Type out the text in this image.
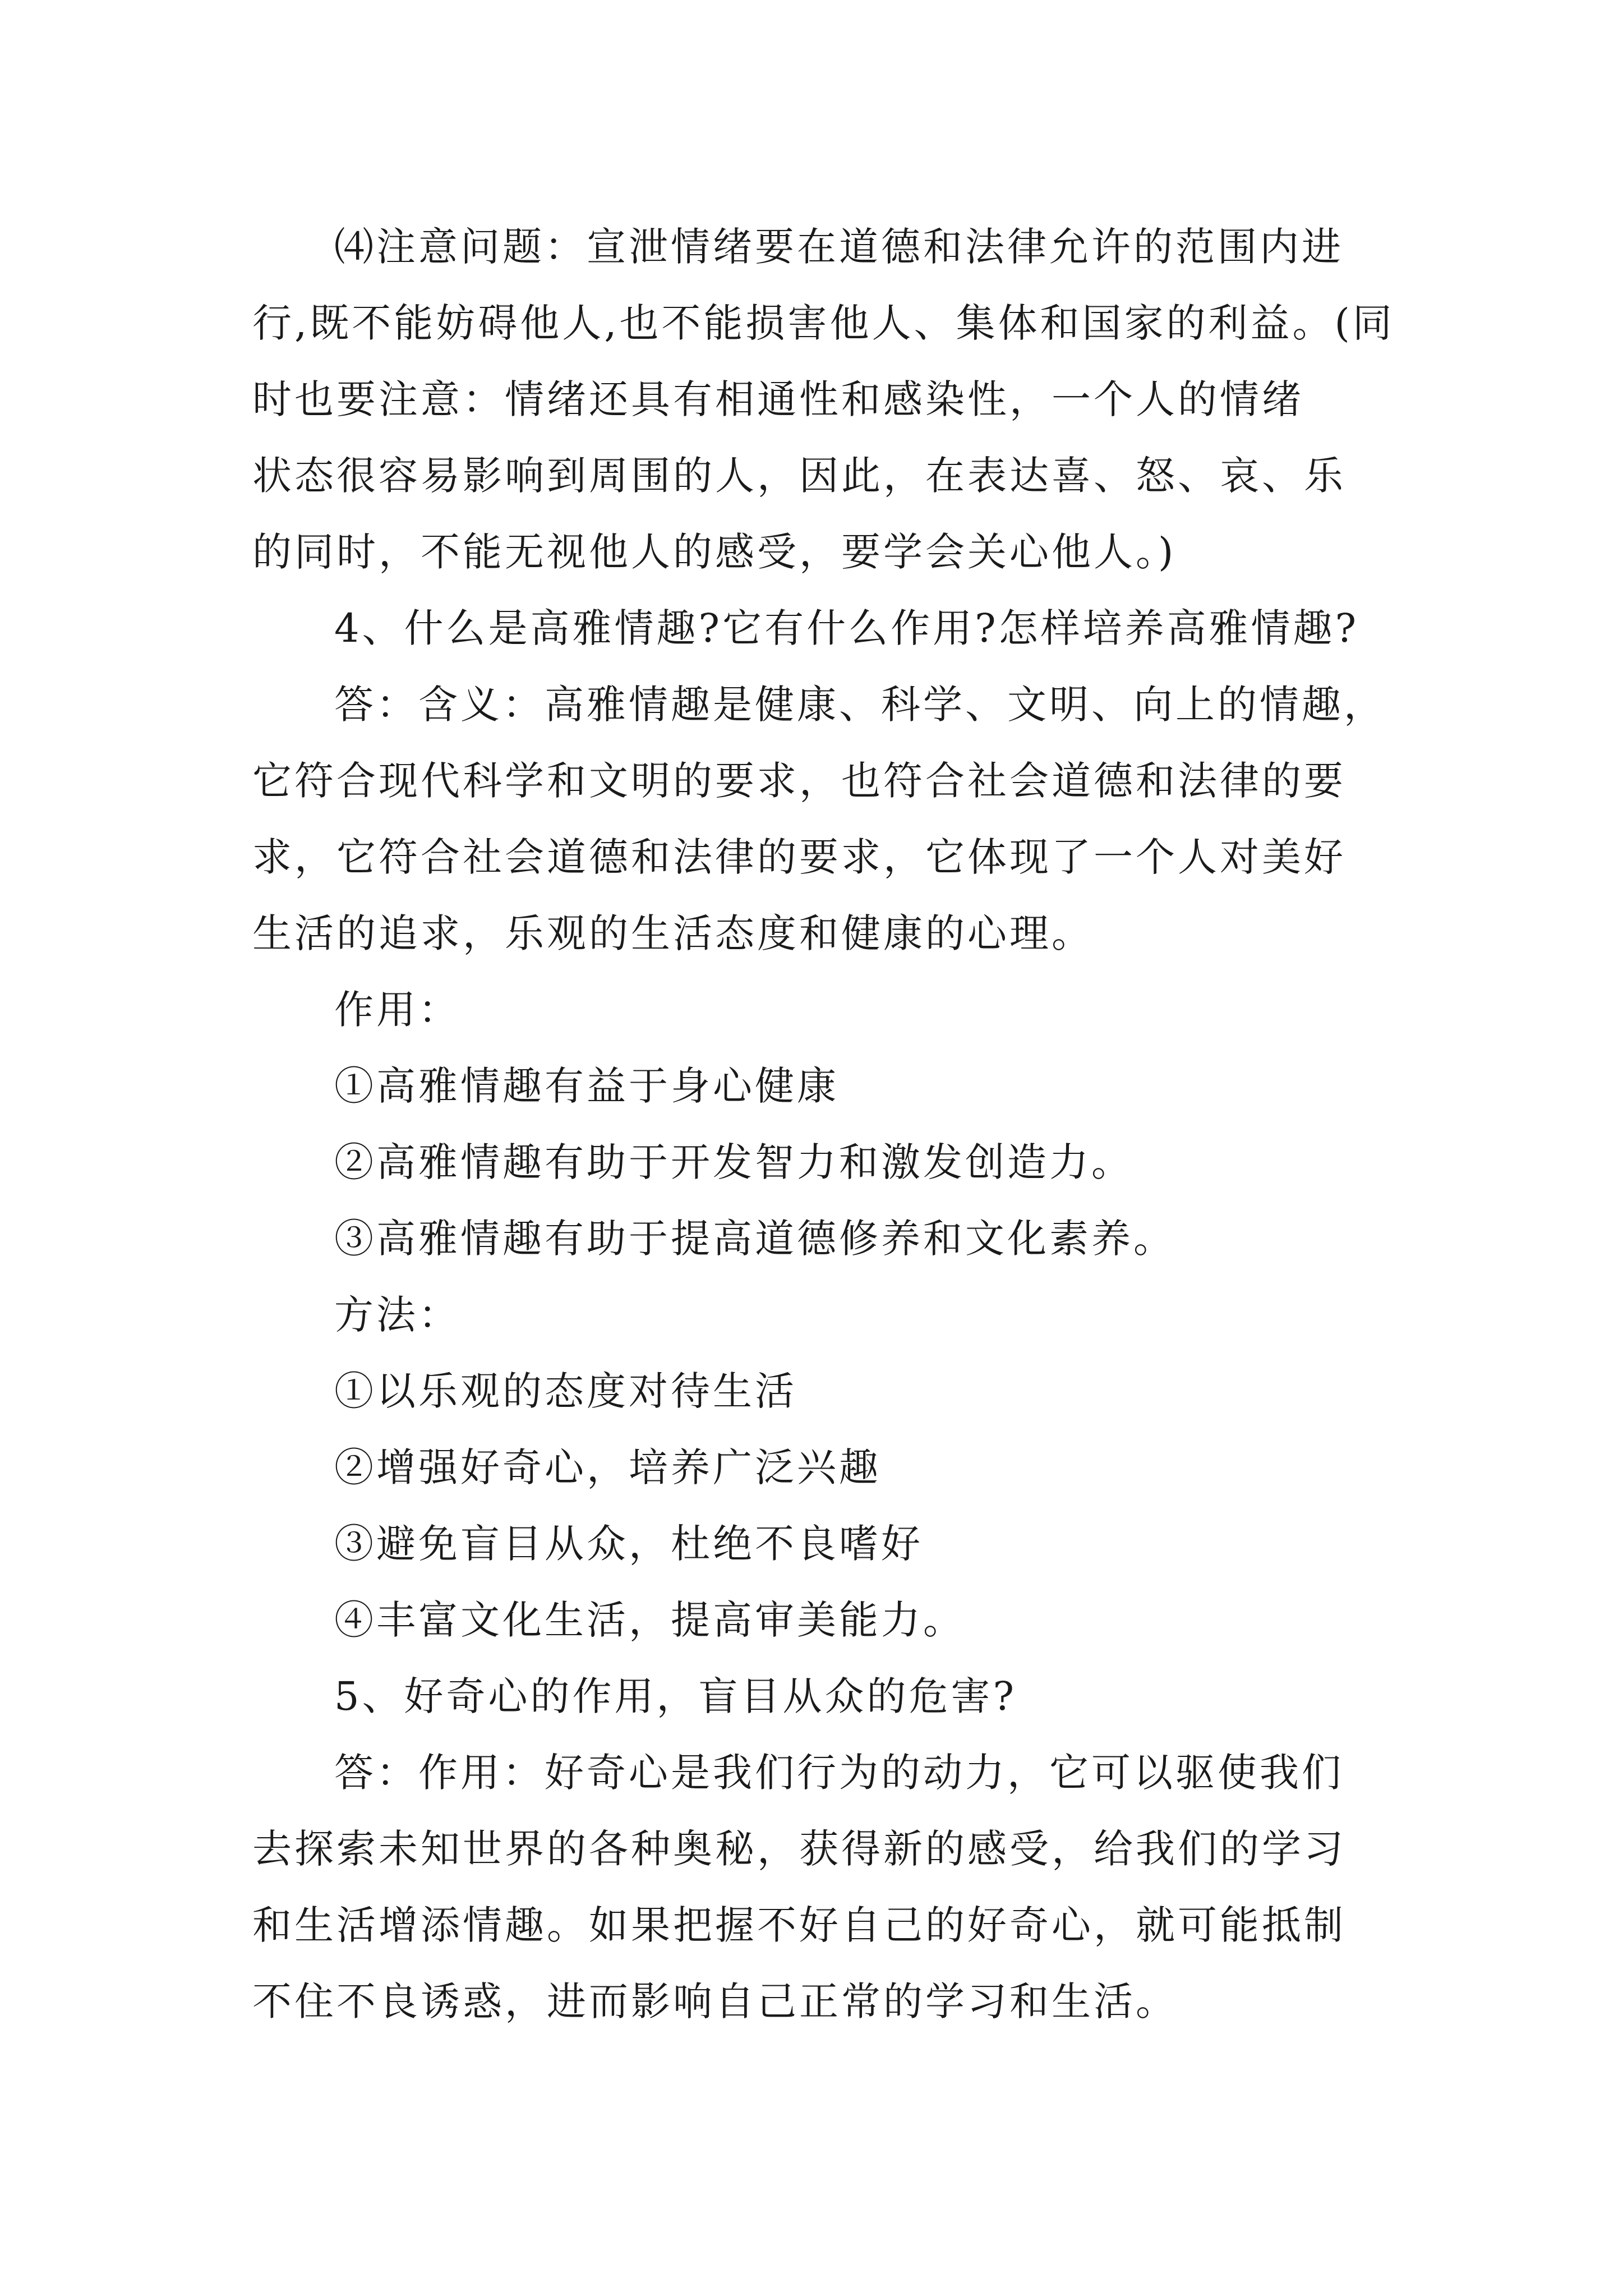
⑷注意问题：宣泄情绪要在道德和法律允许的范围内进
行,既不能妨碍他人,也不能损害他人、集体和国家的利益。(同
时也要注意：情绪还具有相通性和感染性，一个人的情绪
状态很容易影响到周围的人，因此，在表达喜、怒、哀、乐
的同时，不能无视他人的感受，要学会关心他人。)
4、什么是高雅情趣?它有什么作用?怎样培养高雅情趣?
答：含义：高雅情趣是健康、科学、文明、向上的情趣，
它符合现代科学和文明的要求，也符合社会道德和法律的要
求，它符合社会道德和法律的要求，它体现了一个人对美好
生活的追求，乐观的生活态度和健康的心理。
作用：
①高雅情趣有益于身心健康
②高雅情趣有助于开发智力和激发创造力。
③高雅情趣有助于提高道德修养和文化素养。
方法：
①以乐观的态度对待生活
②增强好奇心，培养广泛兴趣
③避免盲目从众，杜绝不良嗜好
④丰富文化生活，提高审美能力。
5、好奇心的作用，盲目从众的危害?
答：作用：好奇心是我们行为的动力，它可以驱使我们
去探索未知世界的各种奥秘，获得新的感受，给我们的学习
和生活增添情趣。如果把握不好自己的好奇心，就可能抵制
不住不良诱惑，进而影响自己正常的学习和生活。
